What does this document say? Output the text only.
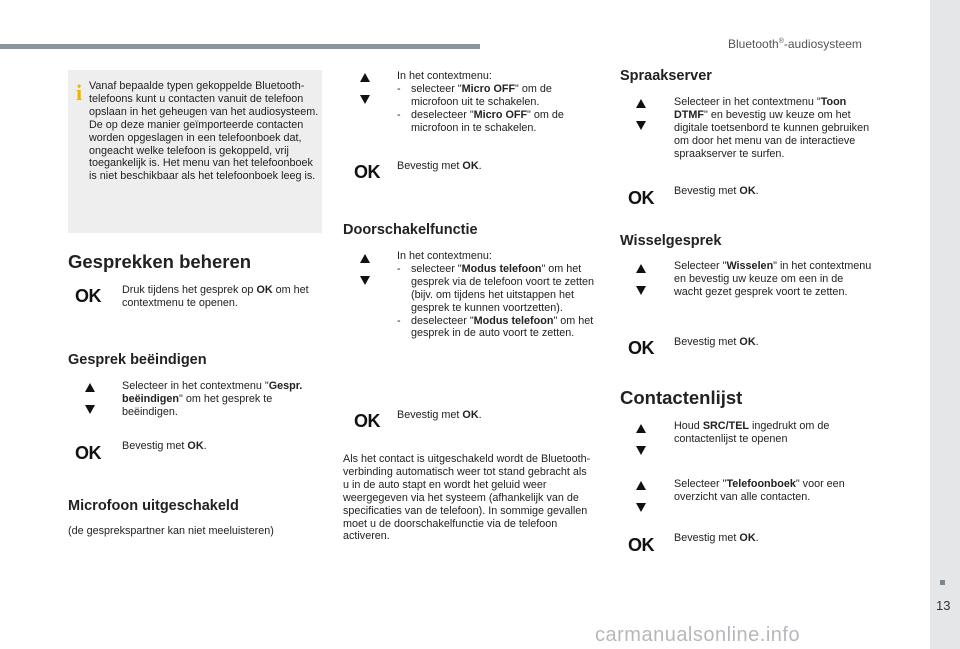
Bluetooth®-audiosysteem
13
carmanualsonline.info
i Vanaf bepaalde typen gekoppelde Bluetooth-telefoons kunt u contacten vanuit de telefoon opslaan in het geheugen van het audiosysteem. De op deze manier geïmporteerde contacten worden opgeslagen in een telefoonboek dat, ongeacht welke telefoon is gekoppeld, vrij toegankelijk is. Het menu van het telefoonboek is niet beschikbaar als het telefoonboek leeg is.
Gesprekken beheren
OK Druk tijdens het gesprek op OK om het contextmenu te openen.
Gesprek beëindigen
Selecteer in het contextmenu "Gespr. beëindigen" om het gesprek te beëindigen.
OK Bevestig met OK.
Microfoon uitgeschakeld
(de gesprekspartner kan niet meeluisteren)
In het contextmenu:
- selecteer "Micro OFF" om de microfoon uit te schakelen.
- deselecteer "Micro OFF" om de microfoon in te schakelen.
OK Bevestig met OK.
Doorschakelfunctie
In het contextmenu:
- selecteer "Modus telefoon" om het gesprek via de telefoon voort te zetten (bijv. om tijdens het uitstappen het gesprek te kunnen voortzetten).
- deselecteer "Modus telefoon" om het gesprek in de auto voort te zetten.
OK Bevestig met OK.
Als het contact is uitgeschakeld wordt de Bluetooth-verbinding automatisch weer tot stand gebracht als u in de auto stapt en wordt het geluid weer weergegeven via het systeem (afhankelijk van de specificaties van de telefoon). In sommige gevallen moet u de doorschakelfunctie via de telefoon activeren.
Spraakserver
Selecteer in het contextmenu "Toon DTMF" en bevestig uw keuze om het digitale toetsenbord te kunnen gebruiken om door het menu van de interactieve spraakserver te surfen.
OK Bevestig met OK.
Wisselgesprek
Selecteer "Wisselen" in het contextmenu en bevestig uw keuze om een in de wacht gezet gesprek voort te zetten.
OK Bevestig met OK.
Contactenlijst
Houd SRC/TEL ingedrukt om de contactenlijst te openen
Selecteer "Telefoonboek" voor een overzicht van alle contacten.
OK Bevestig met OK.
